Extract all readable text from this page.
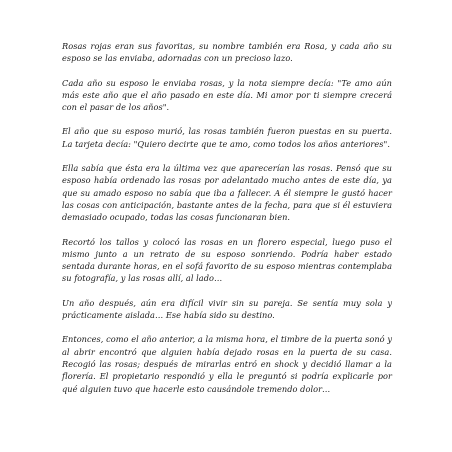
Rosas rojas eran sus favoritas, su nombre también era Rosa, y cada año su esposo se las enviaba, adornadas con un precioso lazo.

Cada año su esposo le enviaba rosas, y la nota siempre decía: "Te amo aún más este año que el año pasado en este día. Mi amor por ti siempre crecerá con el pasar de los años".

El año que su esposo murió, las rosas también fueron puestas en su puerta. La tarjeta decía: "Quiero decirte que te amo, como todos los años anteriores".

Ella sabía que ésta era la última vez que aparecerían las rosas. Pensó que su esposo había ordenado las rosas por adelantado mucho antes de este día, ya que su amado esposo no sabía que iba a fallecer. A él siempre le gustó hacer las cosas con anticipación, bastante antes de la fecha, para que si él estuviera demasiado ocupado, todas las cosas funcionaran bien.

Recortó los tallos y colocó las rosas en un florero especial, luego puso el mismo junto a un retrato de su esposo sonriendo. Podría haber estado sentada durante horas, en el sofá favorito de su esposo mientras contemplaba su fotografía, y las rosas allí, al lado…

Un año después, aún era difícil vivir sin su pareja. Se sentía muy sola y prácticamente aislada… Ese había sido su destino.

Entonces, como el año anterior, a la misma hora, el timbre de la puerta sonó y al abrir encontró que alguien había dejado rosas en la puerta de su casa. Recogió las rosas; después de mirarlas entró en shock y decidió llamar a la florería. El propietario respondió y ella le preguntó si podría explicarle por qué alguien tuvo que hacerle esto causándole tremendo dolor…
